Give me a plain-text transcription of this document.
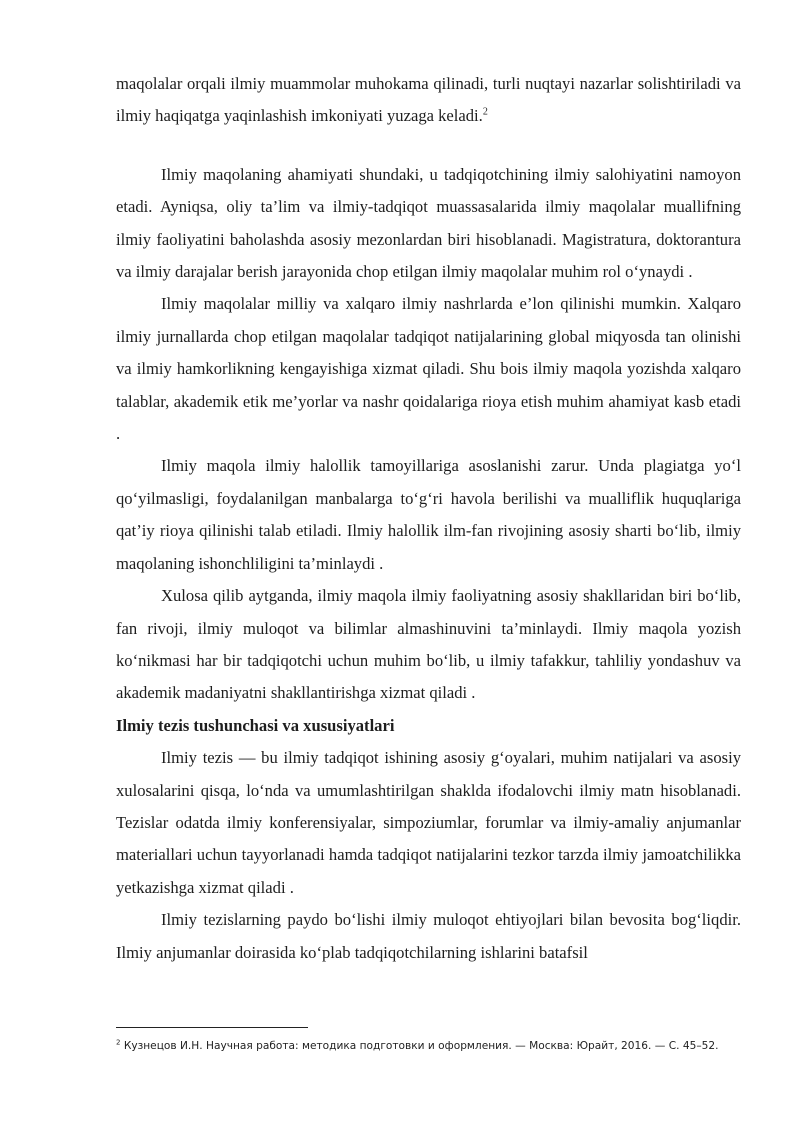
maqolalar orqali ilmiy muammolar muhokama qilinadi, turli nuqtayi nazarlar solishtiriladi va ilmiy haqiqatga yaqinlashish imkoniyati yuzaga keladi.$^2$

Ilmiy maqolaning ahamiyati shundaki, u tadqiqotchining ilmiy salohiyatini namoyon etadi. Ayniqsa, oliy ta’lim va ilmiy-tadqiqot muassasalarida ilmiy maqolalar muallifning ilmiy faoliyatini baholashda asosiy mezonlardan biri hisoblanadi. Magistratura, doktorantura va ilmiy darajalar berish jarayonida chop etilgan ilmiy maqolalar muhim rol o‘ynaydi .

Ilmiy maqolalar milliy va xalqaro ilmiy nashrlarda e’lon qilinishi mumkin. Xalqaro ilmiy jurnallarda chop etilgan maqolalar tadqiqot natijalarining global miqyosda tan olinishi va ilmiy hamkorlikning kengayishiga xizmat qiladi. Shu bois ilmiy maqola yozishda xalqaro talablar, akademik etik me’yorlar va nashr qoidalariga rioya etish muhim ahamiyat kasb etadi .

Ilmiy maqola ilmiy halollik tamoyillariga asoslanishi zarur. Unda plagiatga yo‘l qo‘yilmasligi, foydalanilgan manbalarga to‘g‘ri havola berilishi va mualliflik huquqlariga qat’iy rioya qilinishi talab etiladi. Ilmiy halollik ilm-fan rivojining asosiy sharti bo‘lib, ilmiy maqolaning ishonchliligini ta’minlaydi .

Xulosa qilib aytganda, ilmiy maqola ilmiy faoliyatning asosiy shakllaridan biri bo‘lib, fan rivoji, ilmiy muloqot va bilimlar almashinuvini ta’minlaydi. Ilmiy maqola yozish ko‘nikmasi har bir tadqiqotchi uchun muhim bo‘lib, u ilmiy tafakkur, tahliliy yondashuv va akademik madaniyatni shakllantirishga xizmat qiladi .

Ilmiy tezis tushunchasi va xususiyatlari

Ilmiy tezis — bu ilmiy tadqiqot ishining asosiy g‘oyalari, muhim natijalari va asosiy xulosalarini qisqa, lo‘nda va umumlashtirilgan shaklda ifodalovchi ilmiy matn hisoblanadi. Tezislar odatda ilmiy konferensiyalar, simpoziumlar, forumlar va ilmiy-amaliy anjumanlar materiallari uchun tayyorlanadi hamda tadqiqot natijalarini tezkor tarzda ilmiy jamoatchilikka yetkazishga xizmat qiladi .

Ilmiy tezislarning paydo bo‘lishi ilmiy muloqot ehtiyojlari bilan bevosita bog‘liqdir. Ilmiy anjumanlar doirasida ko‘plab tadqiqotchilarning ishlarini batafsil

$^2$ Кузнецов И.Н. Научная работа: методика подготовки и оформления. — Москва: Юрайт, 2016. — С. 45–52.
